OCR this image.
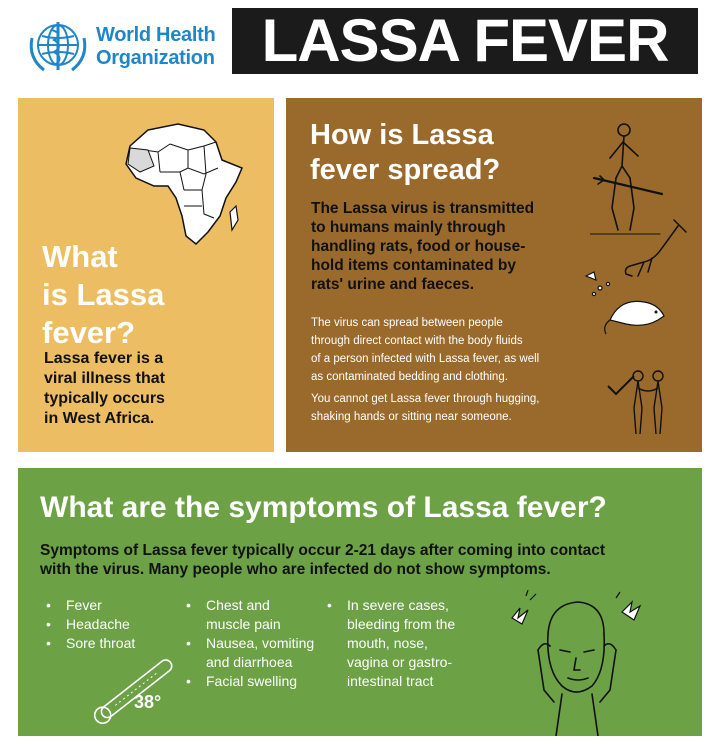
World Health
Organization LASSA FEVER
What
is Lassa
fever?
Lassa fever is a
viral illness that
typically occurs
in West Africa.
How is Lassa
fever spread?
The Lassa virus is transmitted
to humans mainly through
handling rats, food or house-
hold items contaminated by
rats' urine and faeces.
The virus can spread between people
through direct contact with the body fluids
of a person infected with Lassa fever, as well
as contaminated bedding and clothing.
You cannot get Lassa fever through hugging,
shaking hands or sitting near someone.
What are the symptoms of Lassa fever?
Symptoms of Lassa fever typically occur 2-21 days after coming into contact
with the virus. Many people who are infected do not show symptoms.
• Fever
• Headache
• Sore throat
• Chest and
muscle pain
• Nausea, vomiting
and diarrhoea
• Facial swelling
• In severe cases,
bleeding from the
mouth, nose,
vagina or gastro-
intestinal tract
38°
